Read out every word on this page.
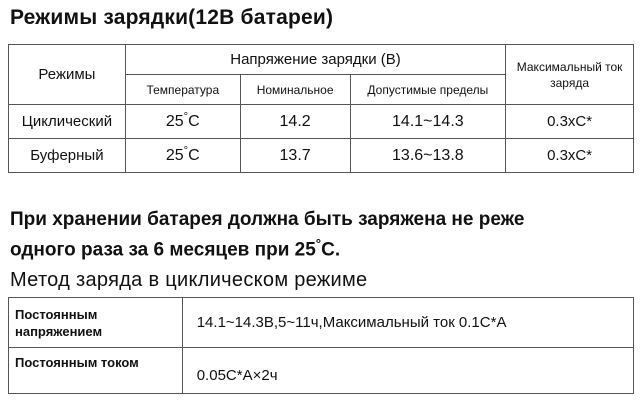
Режимы зарядки(12В батареи)
Режимы	Напряжение зарядки (В)			Максимальный ток заряда
	Температура	Номинальное	Допустимые пределы	
Циклический	25°C	14.2	14.1~14.3	0.3xC*
Буферный	25°C	13.7	13.6~13.8	0.3xC*
При хранении батарея должна быть заряжена не реже
одного раза за 6 месяцев при 25°С.
Метод заряда в циклическом режиме
Постоянным
напряжением	14.1~14.3В,5~11ч,Максимальный ток 0.1С*А

Постоянным током	0.05С*А×2ч
